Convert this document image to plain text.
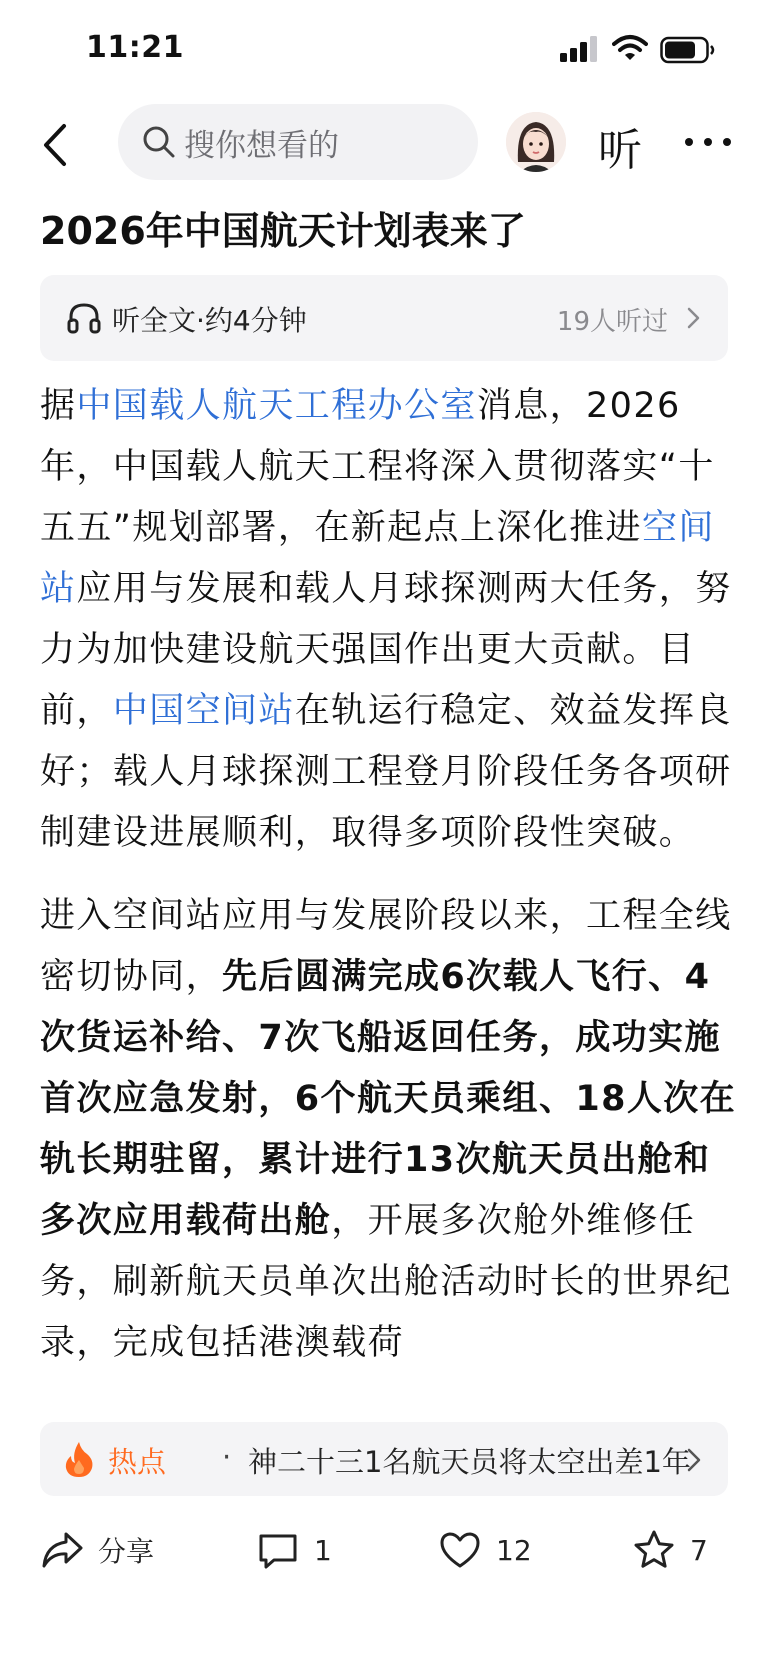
11:21
搜你想看的	听
2026年中国航天计划表来了
听全文·约4分钟	19人听过

据中国载人航天工程办公室消息，2026年，中国载人航天工程将深入贯彻落实“十五五”规划部署，在新起点上深化推进空间站应用与发展和载人月球探测两大任务，努力为加快建设航天强国作出更大贡献。目前，中国空间站在轨运行稳定、效益发挥良好；载人月球探测工程登月阶段任务各项研制建设进展顺利，取得多项阶段性突破。

进入空间站应用与发展阶段以来，工程全线密切协同，先后圆满完成6次载人飞行、4次货运补给、7次飞船返回任务，成功实施首次应急发射，6个航天员乘组、18人次在轨长期驻留，累计进行13次航天员出舱和多次应用载荷出舱，开展多次舱外维修任务，刷新航天员单次出舱活动时长的世界纪录，完成包括港澳载荷

热点 · 神二十三1名航天员将太空出差1年
分享	1	12	7
